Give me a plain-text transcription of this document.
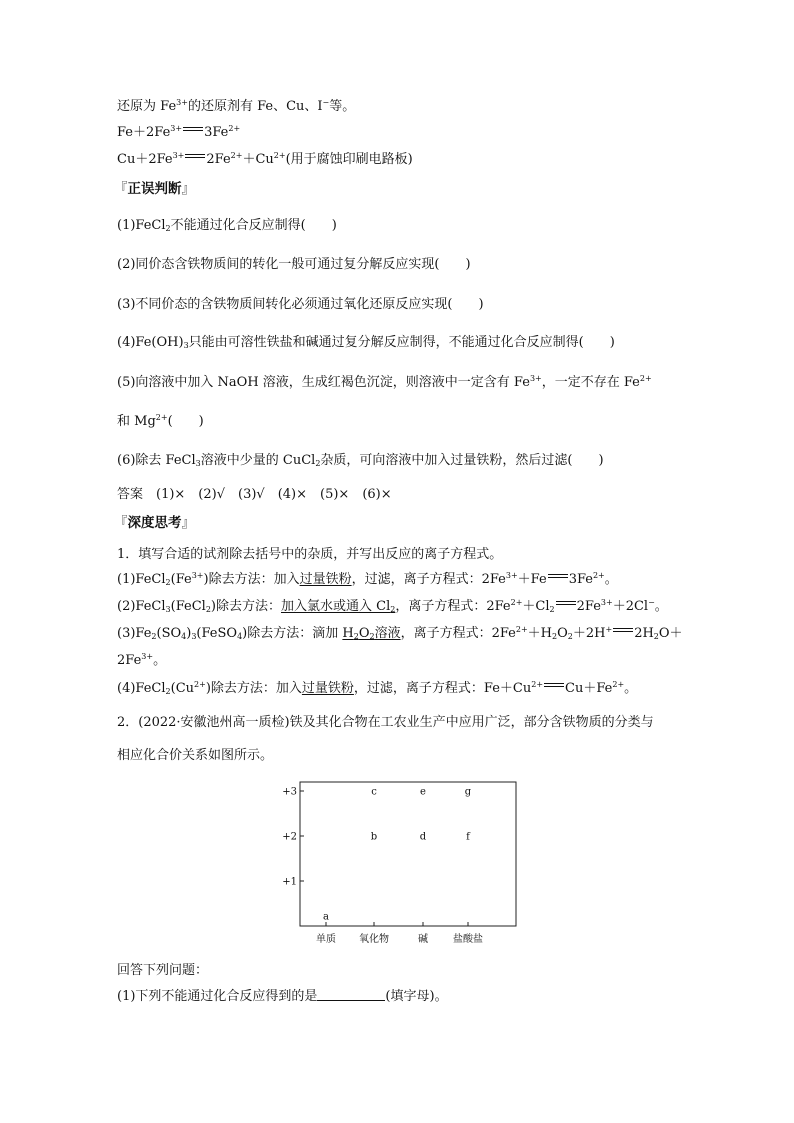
还原为 $Fe^{3+}$的还原剂有 Fe、Cu、I−等。
$Fe+2Fe^{3+}$ $3Fe^{2+}$
$Cu+2Fe^{3+}$ $2Fe^{2+}+Cu^{2+}$(用于腐蚀印刷电路板)
『正误判断』
(1)FeCl$_2$不能通过化合反应制得(　　)
(2)同价态含铁物质间的转化一般可通过复分解反应实现(　　)
(3)不同价态的含铁物质间转化必须通过氧化还原反应实现(　　)
$(4)Fe(OH)_3$只能由可溶性铁盐和碱通过复分解反应制得，不能通过化合反应制得(　　)
(5)向溶液中加入 NaOH 溶液，生成红褐色沉淀，则溶液中一定含有 $Fe^{3+}$，一定不存在 $Fe^{2+}$
和 $Mg^{2+}$(　　)
(6)除去 FeCl$_3$溶液中少量的 CuCl$_2$杂质，可向溶液中加入过量铁粉，然后过滤(　　)
答案　(1)×　(2)√　(3)√　(4)×　(5)×　(6)×
『深度思考』
1．填写合适的试剂除去括号中的杂质，并写出反应的离子方程式。
$(1)FeCl_2(Fe^{3+})$除去方法：加入过量铁粉，过滤，离子方程式：$2Fe^{3+}+Fe$ $3Fe^{2+}$。
(2)FeCl$_3$(FeCl$_2$)除去方法：加入氯水或通入 $Cl_2$，离子方程式：$2Fe^{2+}+Cl_2$ $2Fe^{3+}+2Cl^-$。
$(3)Fe_2(SO_4)_3(FeSO_4)$除去方法：滴加 $H_2O_2$溶液，离子方程式：$2Fe^{2+}+H_2O_2+2H^+$ $2H_2O+$
$2Fe^{3+}$。
$(4)FeCl_2(Cu^{2+})$除去方法：加入过量铁粉，过滤，离子方程式：$Fe+Cu^{2+}$ $Cu+Fe^{2+}$。
2．(2022·安徽池州高一质检)铁及其化合物在工农业生产中应用广泛，部分含铁物质的分类与
相应化合价关系如图所示。
+3
+2
+1
单质 氧化物	碱	盐酸盐
a
b
c
d
e
f
g
回答下列问题：
(1)下列不能通过化合反应得到的是	(填字母)。
